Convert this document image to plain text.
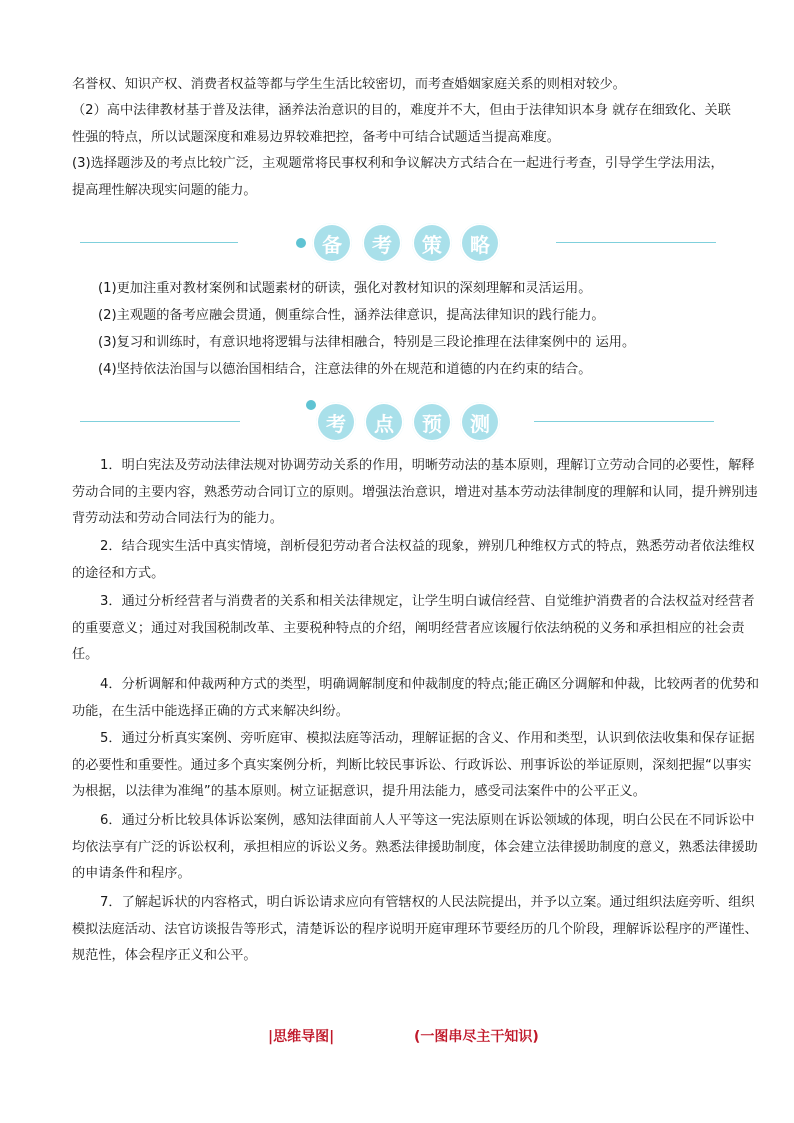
名誉权、知识产权、消费者权益等都与学生生活比较密切，而考查婚姻家庭关系的则相对较少。

（2）高中法律教材基于普及法律，涵养法治意识的目的，难度并不大，但由于法律知识本身 就存在细致化、关联性强的特点，所以试题深度和难易边界较难把控，备考中可结合试题适当提高难度。

(3)选择题涉及的考点比较广泛，主观题常将民事权利和争议解决方式结合在一起进行考查，引导学生学法用法，提高理性解决现实问题的能力。

备	考	策	略

(1)更加注重对教材案例和试题素材的研读，强化对教材知识的深刻理解和灵活运用。

(2)主观题的备考应融会贯通，侧重综合性，涵养法律意识，提高法律知识的践行能力。

(3)复习和训练时，有意识地将逻辑与法律相融合，特别是三段论推理在法律案例中的 运用。

(4)坚持依法治国与以德治国相结合，注意法律的外在规范和道德的内在约束的结合。

考	点	预	测

1．明白宪法及劳动法律法规对协调劳动关系的作用，明晰劳动法的基本原则，理解订立劳动合同的必要性，解释劳动合同的主要内容，熟悉劳动合同订立的原则。增强法治意识，增进对基本劳动法律制度的理解和认同，提升辨别违背劳动法和劳动合同法行为的能力。

2．结合现实生活中真实情境，剖析侵犯劳动者合法权益的现象，辨别几种维权方式的特点，熟悉劳动者依法维权的途径和方式。

3．通过分析经营者与消费者的关系和相关法律规定，让学生明白诚信经营、自觉维护消费者的合法权益对经营者的重要意义；通过对我国税制改革、主要税种特点的介绍，阐明经营者应该履行依法纳税的义务和承担相应的社会责任。

4．分析调解和仲裁两种方式的类型，明确调解制度和仲裁制度的特点;能正确区分调解和仲裁，比较两者的优势和功能，在生活中能选择正确的方式来解决纠纷。

5．通过分析真实案例、旁听庭审、模拟法庭等活动，理解证据的含义、作用和类型，认识到依法收集和保存证据的必要性和重要性。通过多个真实案例分析，判断比较民事诉讼、行政诉讼、刑事诉讼的举证原则，深刻把握“以事实为根据，以法律为准绳”的基本原则。树立证据意识，提升用法能力，感受司法案件中的公平正义。

6．通过分析比较具体诉讼案例，感知法律面前人人平等这一宪法原则在诉讼领域的体现，明白公民在不同诉讼中均依法享有广泛的诉讼权利，承担相应的诉讼义务。熟悉法律援助制度，体会建立法律援助制度的意义，熟悉法律援助的申请条件和程序。

7．了解起诉状的内容格式，明白诉讼请求应向有管辖权的人民法院提出，并予以立案。通过组织法庭旁听、组织模拟法庭活动、法官访谈报告等形式，清楚诉讼的程序说明开庭审理环节要经历的几个阶段，理解诉讼程序的严谨性、规范性，体会程序正义和公平。

|思维导图|	(一图串尽主干知识)
